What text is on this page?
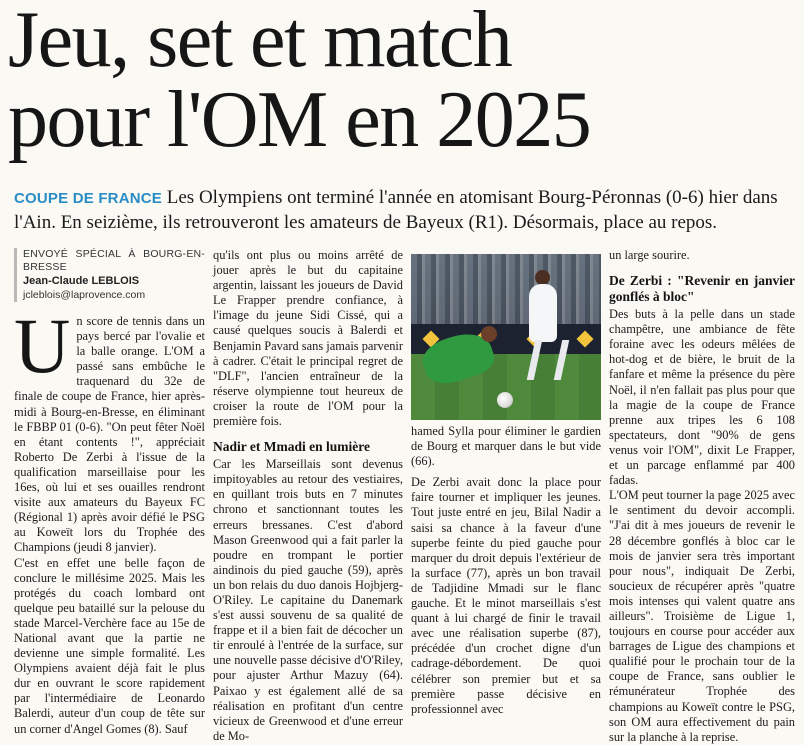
Jeu, set et match
pour l'OM en 2025
COUPE DE FRANCE Les Olympiens ont terminé l'année en atomisant Bourg-Péronnas (0-6) hier dans l'Ain. En seizième, ils retrouveront les amateurs de Bayeux (R1). Désormais, place au repos.
ENVOYÉ SPÉCIAL À BOURG-EN-BRESSE
Jean-Claude LEBLOIS
jcleblois@laprovence.com

Un score de tennis dans un pays bercé par l'ovalie et la balle orange. L'OM a passé sans embûche le traquenard du 32e de finale de coupe de France, hier après-midi à Bourg-en-Bresse, en éliminant le FBBP 01 (0-6). "On peut fêter Noël en étant contents !", appréciait Roberto De Zerbi à l'issue de la qualification marseillaise pour les 16es, où lui et ses ouailles rendront visite aux amateurs du Bayeux FC (Régional 1) après avoir défié le PSG au Koweït lors du Trophée des Champions (jeudi 8 janvier).

C'est en effet une belle façon de conclure le millésime 2025. Mais les protégés du coach lombard ont quelque peu bataillé sur la pelouse du stade Marcel-Verchère face au 15e de National avant que la partie ne devienne une simple formalité. Les Olympiens avaient déjà fait le plus dur en ouvrant le score rapidement par l'intermédiaire de Leonardo Balerdi, auteur d'un coup de tête sur un corner d'Angel Gomes (8). Sauf

qu'ils ont plus ou moins arrêté de jouer après le but du capitaine argentin, laissant les joueurs de David Le Frapper prendre confiance, à l'image du jeune Sidi Cissé, qui a causé quelques soucis à Balerdi et Benjamin Pavard sans jamais parvenir à cadrer. C'était le principal regret de "DLF", l'ancien entraîneur de la réserve olympienne tout heureux de croiser la route de l'OM pour la première fois.

Nadir et Mmadi en lumière

Car les Marseillais sont devenus impitoyables au retour des vestiaires, en quillant trois buts en 7 minutes chrono et sanctionnant toutes les erreurs bressanes. C'est d'abord Mason Greenwood qui a fait parler la poudre en trompant le portier aindinois du pied gauche (59), après un bon relais du duo danois Hojbjerg-O'Riley. Le capitaine du Danemark s'est aussi souvenu de sa qualité de frappe et il a bien fait de décocher un tir enroulé à l'entrée de la surface, sur une nouvelle passe décisive d'O'Riley, pour ajuster Arthur Mazuy (64). Paixao y est également allé de sa réalisation en profitant d'un centre vicieux de Greenwood et d'une erreur de Mo-

hamed Sylla pour éliminer le gardien de Bourg et marquer dans le but vide (66).

De Zerbi avait donc la place pour faire tourner et impliquer les jeunes. Tout juste entré en jeu, Bilal Nadir a saisi sa chance à la faveur d'une superbe feinte du pied gauche pour marquer du droit depuis l'extérieur de la surface (77), après un bon travail de Tadjidine Mmadi sur le flanc gauche. Et le minot marseillais s'est quant à lui chargé de finir le travail avec une réalisation superbe (87), précédée d'un crochet digne d'un cadrage-débordement. De quoi célébrer son premier but et sa première passe décisive en professionnel avec

un large sourire.

De Zerbi : "Revenir en janvier gonflés à bloc"

Des buts à la pelle dans un stade champêtre, une ambiance de fête foraine avec les odeurs mêlées de hot-dog et de bière, le bruit de la fanfare et même la présence du père Noël, il n'en fallait pas plus pour que la magie de la coupe de France prenne aux tripes les 6 108 spectateurs, dont "90% de gens venus voir l'OM", dixit Le Frapper, et un parcage enflammé par 400 fadas.

L'OM peut tourner la page 2025 avec le sentiment du devoir accompli. "J'ai dit à mes joueurs de revenir le 28 décembre gonflés à bloc car le mois de janvier sera très important pour nous", indiquait De Zerbi, soucieux de récupérer après "quatre mois intenses qui valent quatre ans ailleurs". Troisième de Ligue 1, toujours en course pour accéder aux barrages de Ligue des champions et qualifié pour le prochain tour de la coupe de France, sans oublier le rémunérateur Trophée des champions au Koweït contre le PSG, son OM aura effectivement du pain sur la planche à la reprise.
